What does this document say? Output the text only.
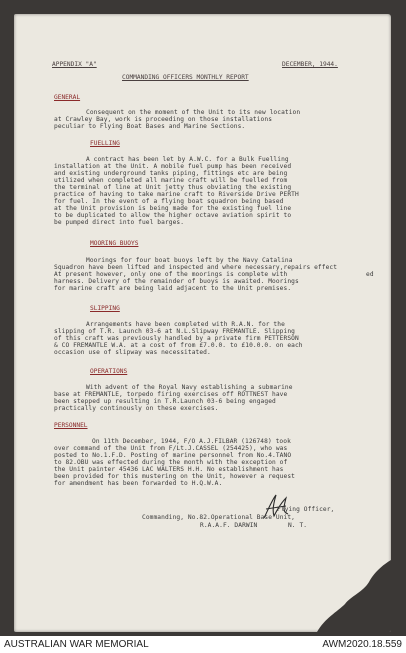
APPENDIX "A"	DECEMBER, 1944.
COMMANDING OFFICERS MONTHLY REPORT
GENERAL
Consequent on the moment of the Unit to its new location
at Crawley Bay, work is proceeding on those installations
peculiar to Flying Boat Bases and Marine Sections.
FUELLING
A contract has been let by A.W.C. for a Bulk Fuelling
installation at the Unit. A mobile fuel pump has been received
and existing underground tanks piping, fittings etc are being
utilized when completed all marine craft will be fuelled from
the terminal of line at Unit jetty thus obviating the existing
practice of having to take marine craft to Riverside Drive PERTH
for fuel. In the event of a flying boat squadron being based
at the Unit provision is being made for the existing fuel line
to be duplicated to allow the higher octave aviation spirit to
be pumped direct into fuel barges.
MOORING BUOYS
Moorings for four boat buoys left by the Navy Catalina
Squadron have been lifted and inspected and where necessary,repairs effect
ed
At present however, only one of the moorings is complete with
harness. Delivery of the remainder of buoys is awaited. Moorings
for marine craft are being laid adjacent to the Unit premises.
SLIPPING
Arrangements have been completed with R.A.N. for the
slipping of T.R. Launch 03-6 at N.L.Slipway FREMANTLE. Slipping
of this craft was previously handled by a private firm PETTERSON
& CO FREMANTLE W.A. at a cost of from £7.0.0. to £10.0.0. on each
occasion use of slipway was necessitated.
OPERATIONS
With advent of the Royal Navy establishing a submarine
base at FREMANTLE, torpedo firing exercises off ROTTNEST have
been stepped up resulting in T.R.Launch 03-6 being engaged
practically continously on these exercises.
PERSONNEL
On 11th December, 1944, F/O A.J.FILBAR (126748) took
over command of the Unit from F/Lt.J.CASSEL (254425), who was
posted to No.1.F.D. Posting of marine personnel from No.4.TANO
to 82.OBU was effected during the month with the exception of
the Unit painter 45436 LAC WALTERS H.H. No establishment has
been provided for this mustering on the Unit, however a request
for amendment has been forwarded to H.Q.W.A.
Flying Officer,
Commanding, No.82.Operational Base Unit,
R.A.A.F. DARWIN        N. T.
AUSTRALIAN WAR MEMORIAL	AWM2020.18.559
